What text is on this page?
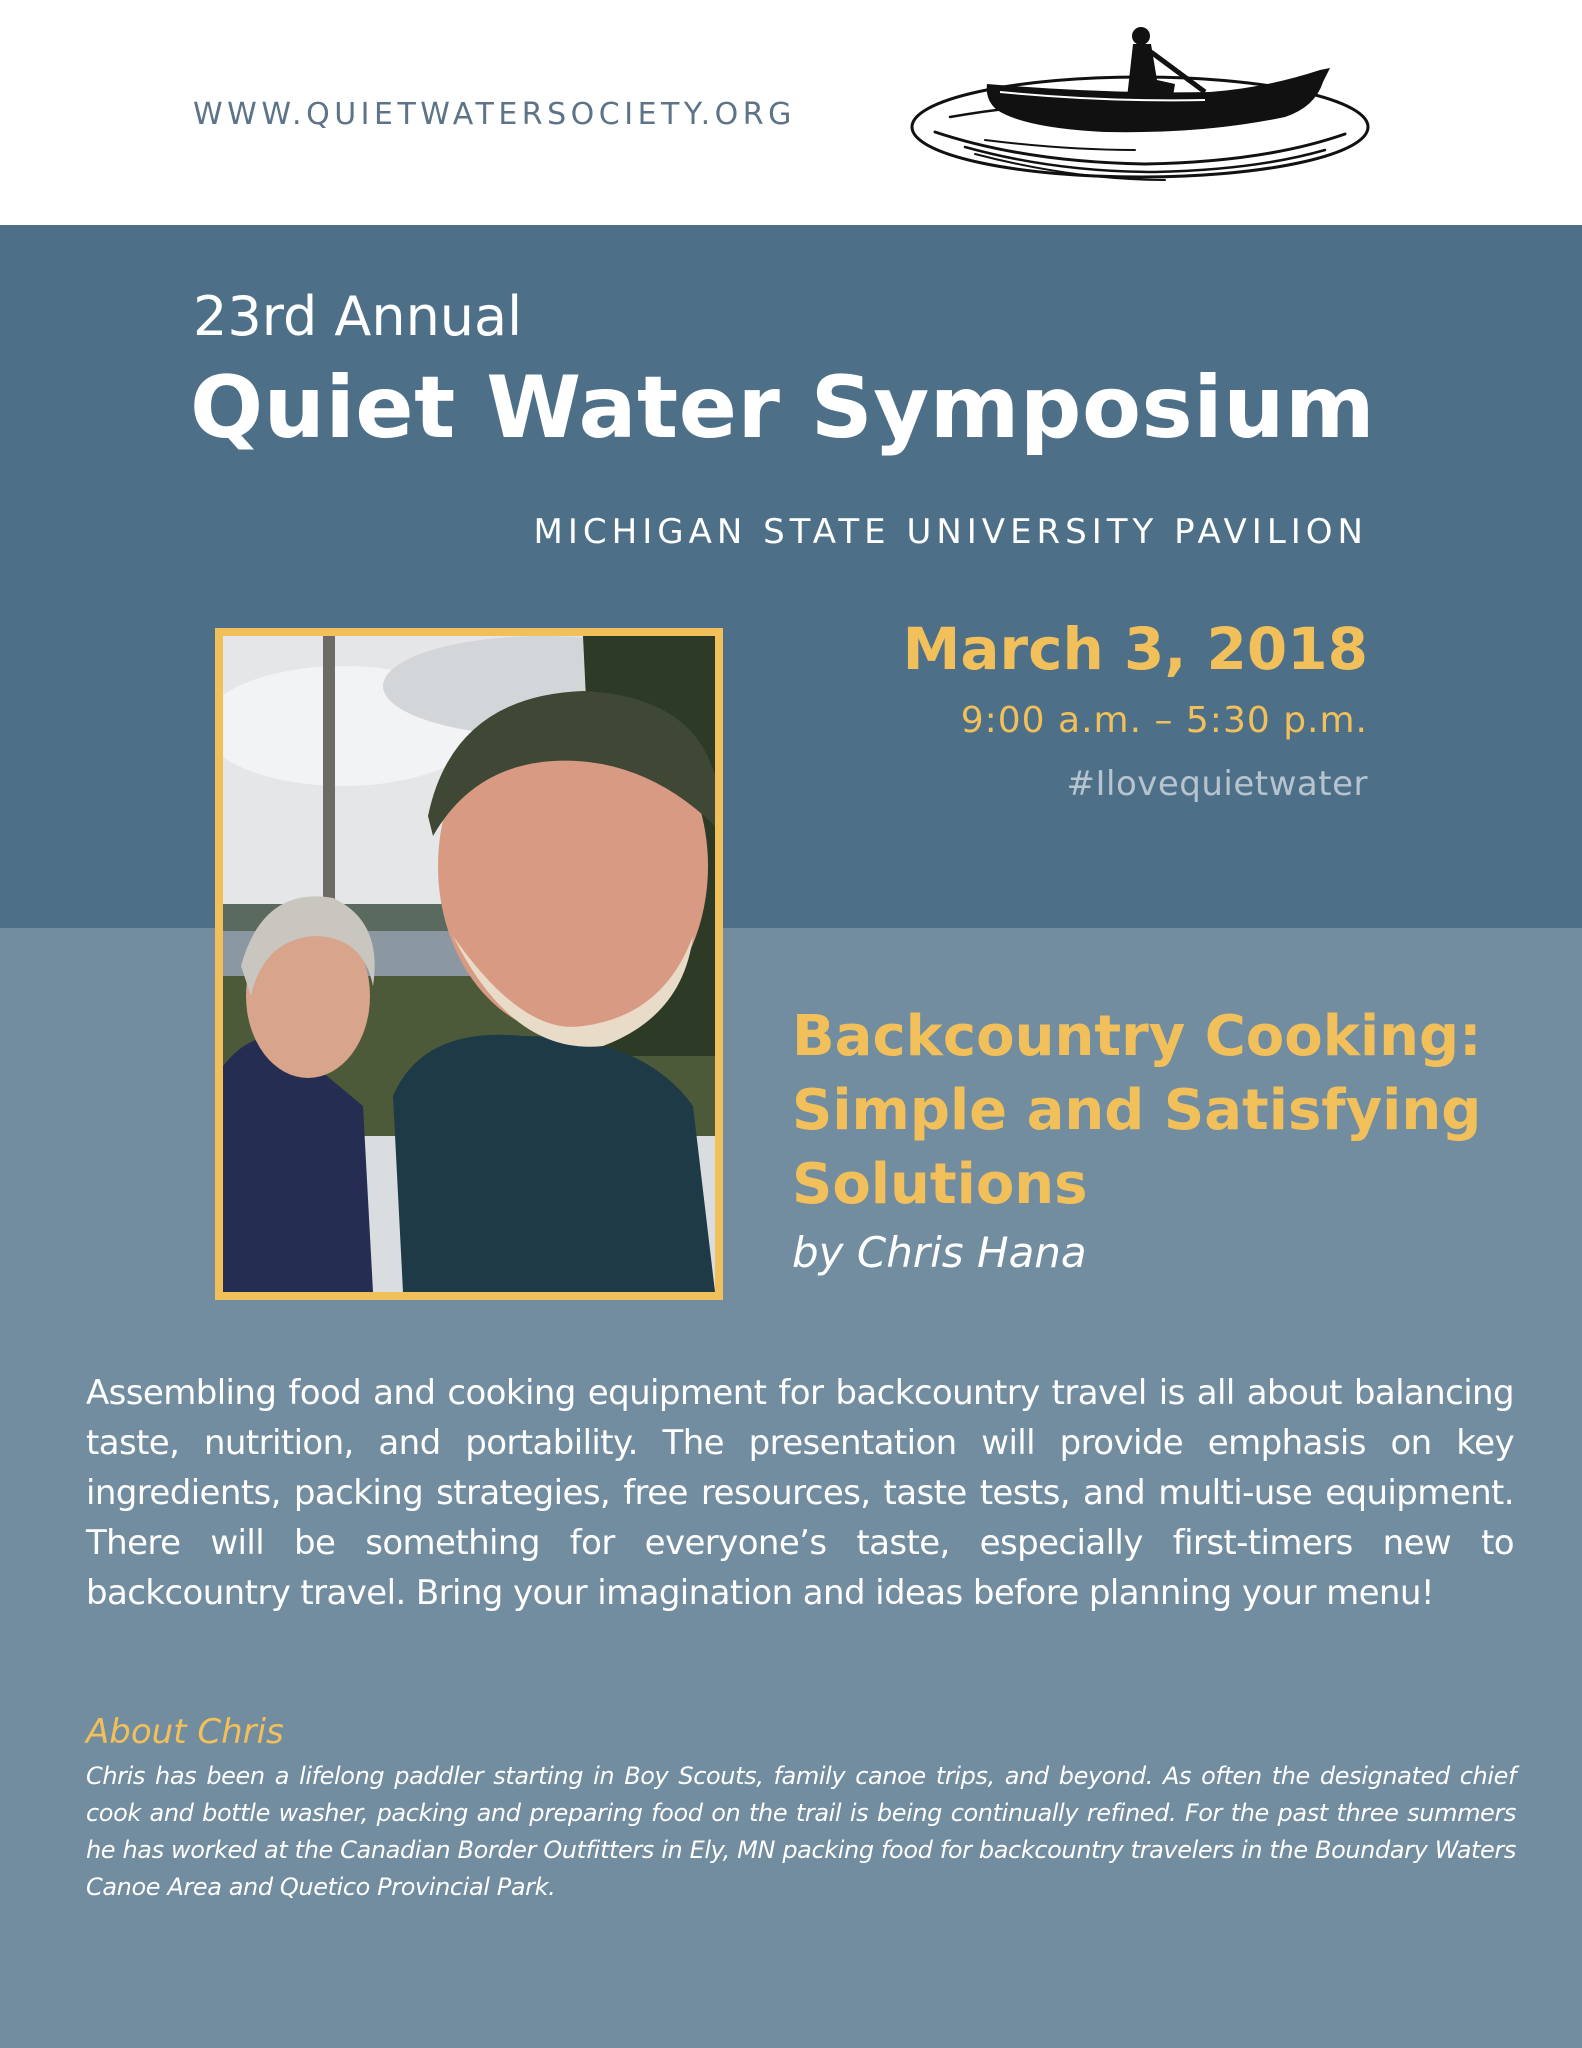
WWW.QUIETWATERSOCIETY.ORG
23rd Annual
Quiet Water Symposium
MICHIGAN STATE UNIVERSITY PAVILION
March 3, 2018
9:00 a.m. – 5:30 p.m.
#Ilovequietwater
Backcountry Cooking: Simple and Satisfying Solutions
by Chris Hana
Assembling food and cooking equipment for backcountry travel is all about balancing taste, nutrition, and portability. The presentation will provide emphasis on key ingredients, packing strategies, free resources, taste tests, and multi-use equipment. There will be something for everyone’s taste, especially first-timers new to backcountry travel. Bring your imagination and ideas before planning your menu!
About Chris
Chris has been a lifelong paddler starting in Boy Scouts, family canoe trips, and beyond. As often the designated chief cook and bottle washer, packing and preparing food on the trail is being continually refined. For the past three summers he has worked at the Canadian Border Outfitters in Ely, MN packing food for backcountry travelers in the Boundary Waters Canoe Area and Quetico Provincial Park.
